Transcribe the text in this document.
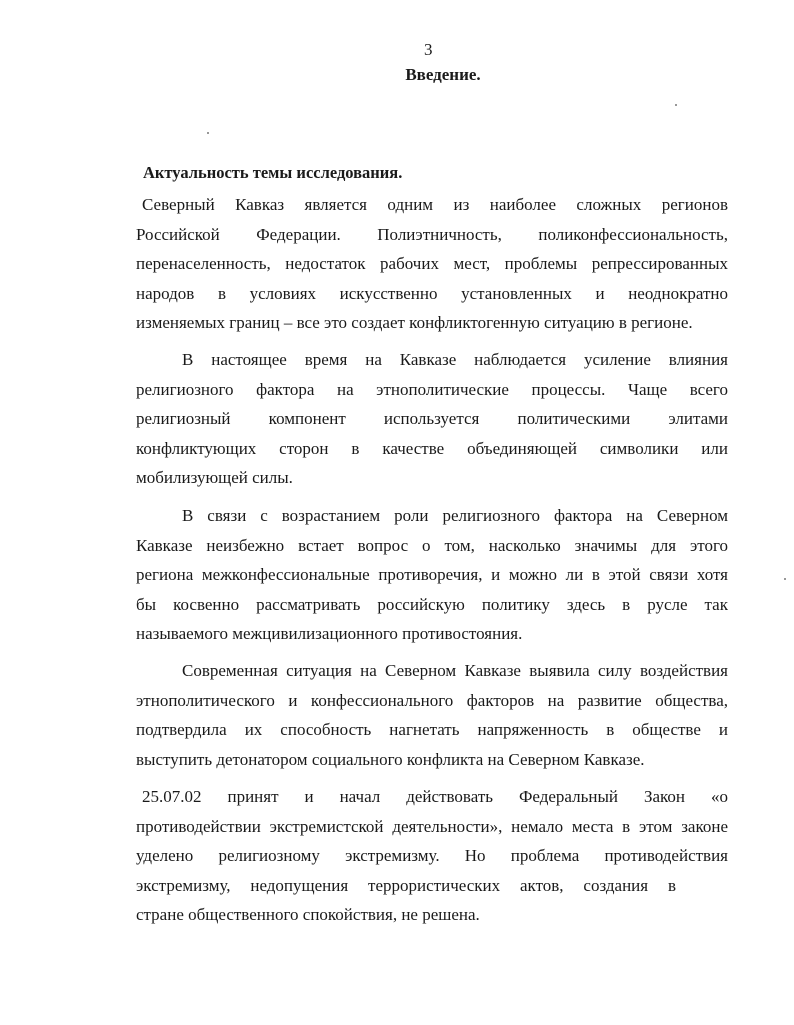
3
Введение.
Актуальность темы исследования.
Северный Кавказ является одним из наиболее сложных регионов
Российской Федерации. Полиэтничность, поликонфессиональность,
перенаселенность, недостаток рабочих мест, проблемы репрессированных
народов в условиях искусственно установленных и неоднократно
изменяемых границ – все это создает конфликтогенную ситуацию в регионе.
В настоящее время на Кавказе наблюдается усиление влияния
религиозного фактора на этнополитические процессы. Чаще всего
религиозный компонент используется политическими элитами
конфликтующих сторон в качестве объединяющей символики или
мобилизующей силы.
В связи с возрастанием роли религиозного фактора на Северном
Кавказе неизбежно встает вопрос о том, насколько значимы для этого
региона межконфессиональные противоречия, и можно ли в этой связи хотя
бы косвенно рассматривать российскую политику здесь в русле так
называемого межцивилизационного противостояния.
Современная ситуация на Северном Кавказе выявила силу воздействия
этнополитического и конфессионального факторов на развитие общества,
подтвердила их способность нагнетать напряженность в обществе и
выступить детонатором социального конфликта на Северном Кавказе.
25.07.02 принят и начал действовать Федеральный Закон «о
противодействии экстремистской деятельности», немало места в этом законе
уделено религиозному экстремизму. Но проблема противодействия
экстремизму, недопущения террористических актов, создания в
стране общественного спокойствия, не решена.
